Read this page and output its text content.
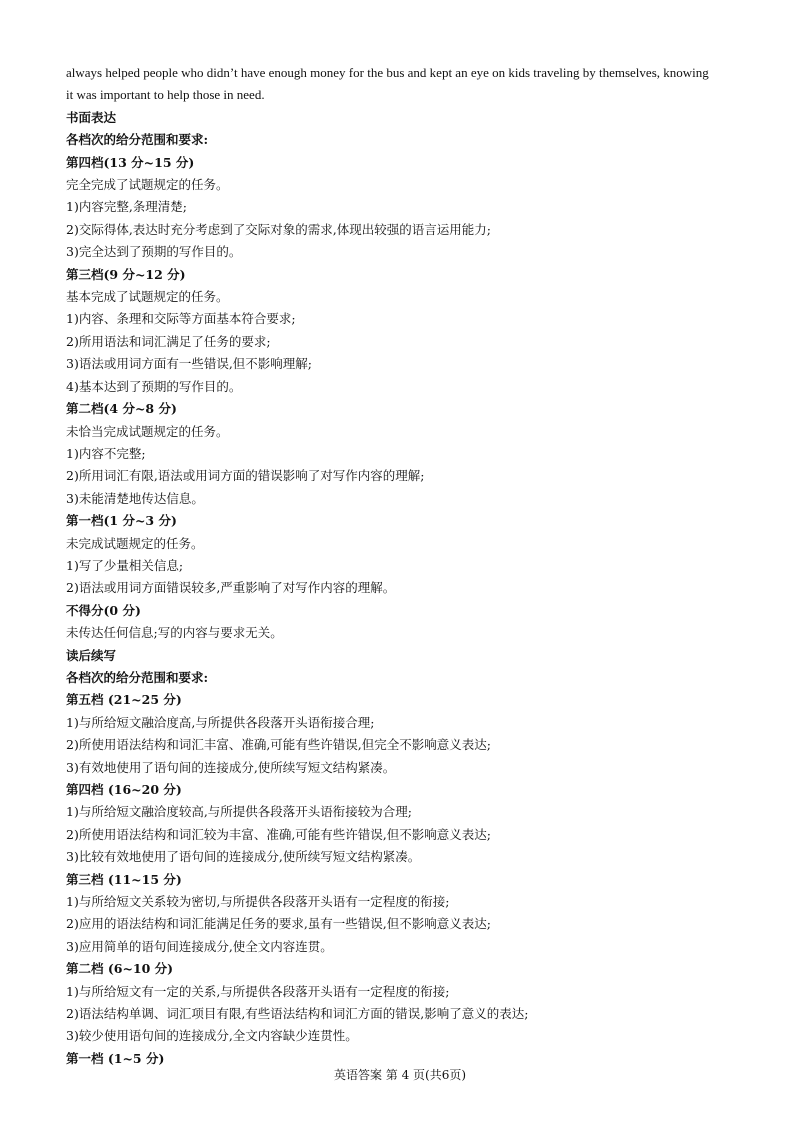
always helped people who didn’t have enough money for the bus and kept an eye on kids traveling by themselves, knowing
it was important to help those in need.
书面表达
各档次的给分范围和要求:
第四档(13 分~15 分)
完全完成了试题规定的任务。
1)内容完整,条理清楚;
2)交际得体,表达时充分考虑到了交际对象的需求,体现出较强的语言运用能力;
3)完全达到了预期的写作目的。
第三档(9 分~12 分)
基本完成了试题规定的任务。
1)内容、条理和交际等方面基本符合要求;
2)所用语法和词汇满足了任务的要求;
3)语法或用词方面有一些错误,但不影响理解;
4)基本达到了预期的写作目的。
第二档(4 分~8 分)
未恰当完成试题规定的任务。
1)内容不完整;
2)所用词汇有限,语法或用词方面的错误影响了对写作内容的理解;
3)未能清楚地传达信息。
第一档(1 分~3 分)
未完成试题规定的任务。
1)写了少量相关信息;
2)语法或用词方面错误较多,严重影响了对写作内容的理解。
不得分(0 分)
未传达任何信息;写的内容与要求无关。
读后续写
各档次的给分范围和要求:
第五档 (21~25 分)
1)与所给短文融洽度高,与所提供各段落开头语衔接合理;
2)所使用语法结构和词汇丰富、准确,可能有些许错误,但完全不影响意义表达;
3)有效地使用了语句间的连接成分,使所续写短文结构紧凑。
第四档 (16~20 分)
1)与所给短文融洽度较高,与所提供各段落开头语衔接较为合理;
2)所使用语法结构和词汇较为丰富、准确,可能有些许错误,但不影响意义表达;
3)比较有效地使用了语句间的连接成分,使所续写短文结构紧凑。
第三档 (11~15 分)
1)与所给短文关系较为密切,与所提供各段落开头语有一定程度的衔接;
2)应用的语法结构和词汇能满足任务的要求,虽有一些错误,但不影响意义表达;
3)应用简单的语句间连接成分,使全文内容连贯。
第二档 (6~10 分)
1)与所给短文有一定的关系,与所提供各段落开头语有一定程度的衔接;
2)语法结构单调、词汇项目有限,有些语法结构和词汇方面的错误,影响了意义的表达;
3)较少使用语句间的连接成分,全文内容缺少连贯性。
第一档 (1~5 分)
英语答案 第 4 页(共6页)
